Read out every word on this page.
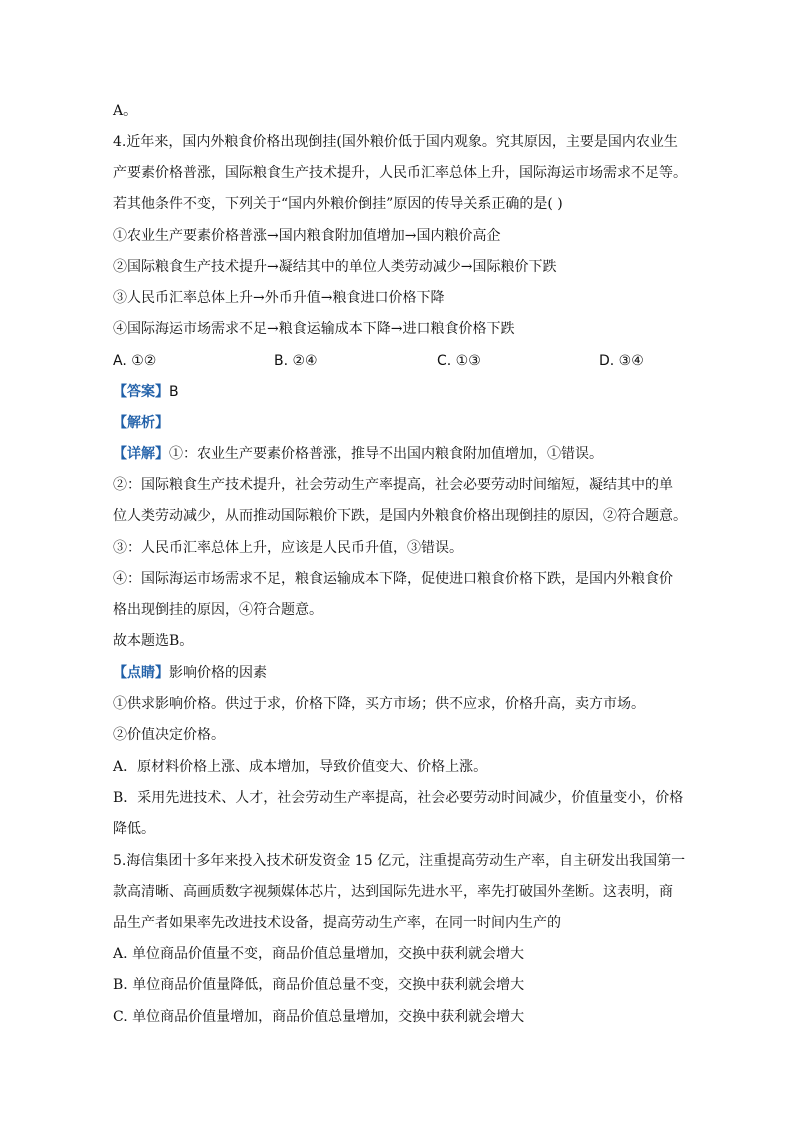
A。
4.近年来，国内外粮食价格出现倒挂(国外粮价低于国内观象。究其原因，主要是国内农业生
产要素价格普涨，国际粮食生产技术提升，人民币汇率总体上升，国际海运市场需求不足等。
若其他条件不变，下列关于“国内外粮价倒挂”原因的传导关系正确的是( )
①农业生产要素价格普涨→国内粮食附加值增加→国内粮价高企
②国际粮食生产技术提升→凝结其中的单位人类劳动减少→国际粮价下跌
③人民币汇率总体上升→外币升值→粮食进口价格下降
④国际海运市场需求不足→粮食运输成本下降→进口粮食价格下跌
A. ①②	B. ②④	C. ①③	D. ③④
【答案】B
【解析】
【详解】①：农业生产要素价格普涨，推导不出国内粮食附加值增加，①错误。
②：国际粮食生产技术提升，社会劳动生产率提高，社会必要劳动时间缩短，凝结其中的单
位人类劳动减少，从而推动国际粮价下跌，是国内外粮食价格出现倒挂的原因，②符合题意。
③：人民币汇率总体上升，应该是人民币升值，③错误。
④：国际海运市场需求不足，粮食运输成本下降，促使进口粮食价格下跌，是国内外粮食价
格出现倒挂的原因，④符合题意。
故本题选B。
【点睛】影响价格的因素
①供求影响价格。供过于求，价格下降，买方市场；供不应求，价格升高，卖方市场。
②价值决定价格。
A．原材料价格上涨、成本增加，导致价值变大、价格上涨。
B．采用先进技术、人才，社会劳动生产率提高，社会必要劳动时间减少，价值量变小，价格
降低。
5.海信集团十多年来投入技术研发资金 15 亿元，注重提高劳动生产率，自主研发出我国第一
款高清晰、高画质数字视频媒体芯片，达到国际先进水平，率先打破国外垄断。这表明，商
品生产者如果率先改进技术设备，提高劳动生产率，在同一时间内生产的
A. 单位商品价值量不变，商品价值总量增加，交换中获利就会增大
B. 单位商品价值量降低，商品价值总量不变，交换中获利就会增大
C. 单位商品价值量增加，商品价值总量增加，交换中获利就会增大
